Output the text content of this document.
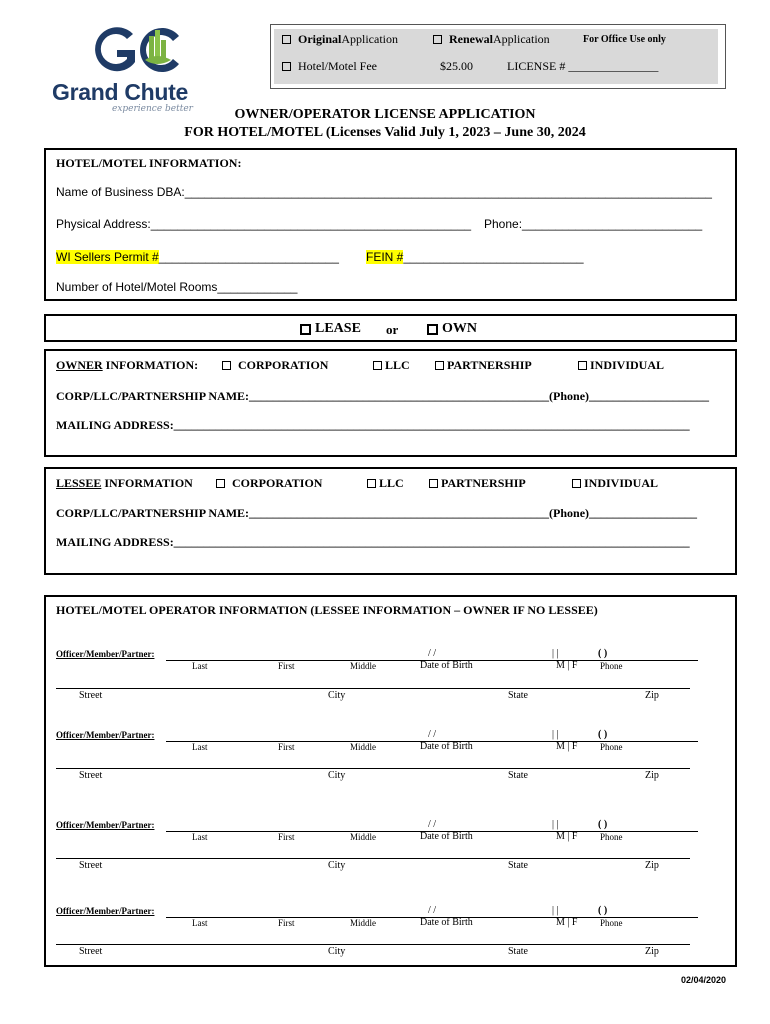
Grand Chute
experience better
Original Application	Renewal Application	For Office Use only
Hotel/Motel Fee	$25.00	LICENSE # _______________
OWNER/OPERATOR LICENSE APPLICATION
FOR HOTEL/MOTEL (Licenses Valid July 1, 2023 – June 30, 2024
HOTEL/MOTEL INFORMATION:
Name of Business DBA:_______________________________________________________________________________
Physical Address:________________________________________________ Phone:___________________________
WI Sellers Permit #___________________________ FEIN #___________________________
Number of Hotel/Motel Rooms____________
LEASE or	OWN
OWNER INFORMATION:	CORPORATION	LLC	PARTNERSHIP	INDIVIDUAL
CORP/LLC/PARTNERSHIP NAME:__________________________________________________(Phone)____________________
MAILING ADDRESS:______________________________________________________________________________________
LESSEE INFORMATION	CORPORATION	LLC	PARTNERSHIP	INDIVIDUAL
CORP/LLC/PARTNERSHIP NAME:__________________________________________________(Phone)__________________
MAILING ADDRESS:______________________________________________________________________________________
HOTEL/MOTEL OPERATOR INFORMATION (LESSEE INFORMATION – OWNER IF NO LESSEE)
Officer/Member/Partner:	/ /	| |	( )
Last	First	Middle	Date of Birth	M | F	Phone
Street	City	State	Zip
Officer/Member/Partner:	/ /	| |	( )
Last	First	Middle	Date of Birth	M | F	Phone
Street	City	State	Zip
Officer/Member/Partner:	/ /	| |	( )
Last	First	Middle	Date of Birth	M | F	Phone
Street	City	State	Zip
Officer/Member/Partner:	/ /	| |	( )
Last	First	Middle	Date of Birth	M | F	Phone
Street	City	State	Zip
02/04/2020
